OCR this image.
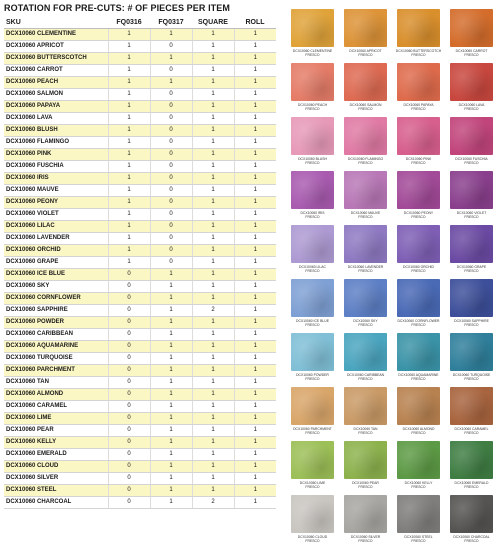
ROTATION FOR PRE-CUTS: # OF PIECES PER ITEM
SKU	FQ0316	FQ0317	SQUARE	ROLL
DCX10060 CLEMENTINE	1	1	1	1
DCX10060 APRICOT	1	0	1	1
DCX10060 BUTTERSCOTCH	1	1	1	1
DCX10060 CARROT	1	0	1	1
DCX10060 PEACH	1	1	1	1
DCX10060 SALMON	1	0	1	1
DCX10060 PAPAYA	1	0	1	1
DCX10060 LAVA	1	0	1	1
DCX10060 BLUSH	1	0	1	1
DCX10060 FLAMINGO	1	0	1	1
DCX10060 PINK	1	0	1	1
DCX10060 FUSCHIA	1	0	1	1
DCX10060 IRIS	1	0	1	1
DCX10060 MAUVE	1	0	1	1
DCX10060 PEONY	1	0	1	1
DCX10060 VIOLET	1	0	1	1
DCX10060 LILAC	1	0	1	1
DCX10060 LAVENDER	1	0	1	1
DCX10060 ORCHID	1	0	1	1
DCX10060 GRAPE	1	0	1	1
DCX10060 ICE BLUE	0	1	1	1
DCX10060 SKY	0	1	1	1
DCX10060 CORNFLOWER	0	1	1	1
DCX10060 SAPPHIRE	0	1	2	1
DCX10060 POWDER	0	1	1	1
DCX10060 CARIBBEAN	0	1	1	1
DCX10060 AQUAMARINE	0	1	1	1
DCX10060 TURQUOISE	0	1	1	1
DCX10060 PARCHMENT	0	1	1	1
DCX10060 TAN	0	1	1	1
DCX10060 ALMOND	0	1	1	1
DCX10060 CARAMEL	0	1	1	1
DCX10060 LIME	0	1	1	1
DCX10060 PEAR	0	1	1	1
DCX10060 KELLY	0	1	1	1
DCX10060 EMERALD	0	1	1	1
DCX10060 CLOUD	0	1	1	1
DCX10060 SILVER	0	1	1	1
DCX10060 STEEL	0	1	1	1
DCX10060 CHARCOAL	0	1	2	1
DCX10060 CLEMENTINE
FRESCO
DCX10060 APRICOT
FRESCO
DCX10060 BUTTERSCOTCH
FRESCO
DCX10060 CARROT
FRESCO
DCX10060 PEACH
FRESCO
DCX10060 SALMON
FRESCO
DCX10060 PAPAYA
FRESCO
DCX10060 LAVA
FRESCO
DCX10060 BLUSH
FRESCO
DCX10060 FLAMINGO
FRESCO
DCX10060 PINK
FRESCO
DCX10060 FUSCHIA
FRESCO
DCX10060 IRIS
FRESCO
DCX10060 MAUVE
FRESCO
DCX10060 PEONY
FRESCO
DCX10060 VIOLET
FRESCO
DCX10060 LILAC
FRESCO
DCX10060 LAVENDER
FRESCO
DCX10060 ORCHID
FRESCO
DCX10060 GRAPE
FRESCO
DCX10060 ICE BLUE
FRESCO
DCX10060 SKY
FRESCO
DCX10060 CORNFLOWER
FRESCO
DCX10060 SAPPHIRE
FRESCO
DCX10060 POWDER
FRESCO
DCX10060 CARIBBEAN
FRESCO
DCX10060 AQUAMARINE
FRESCO
DCX10060 TURQUOISE
FRESCO
DCX10060 PARCHMENT
FRESCO
DCX10060 TAN
FRESCO
DCX10060 ALMOND
FRESCO
DCX10060 CARAMEL
FRESCO
DCX10060 LIME
FRESCO
DCX10060 PEAR
FRESCO
DCX10060 KELLY
FRESCO
DCX10060 EMERALD
FRESCO
DCX10060 CLOUD
FRESCO
DCX10060 SILVER
FRESCO
DCX10060 STEEL
FRESCO
DCX10060 CHARCOAL
FRESCO
